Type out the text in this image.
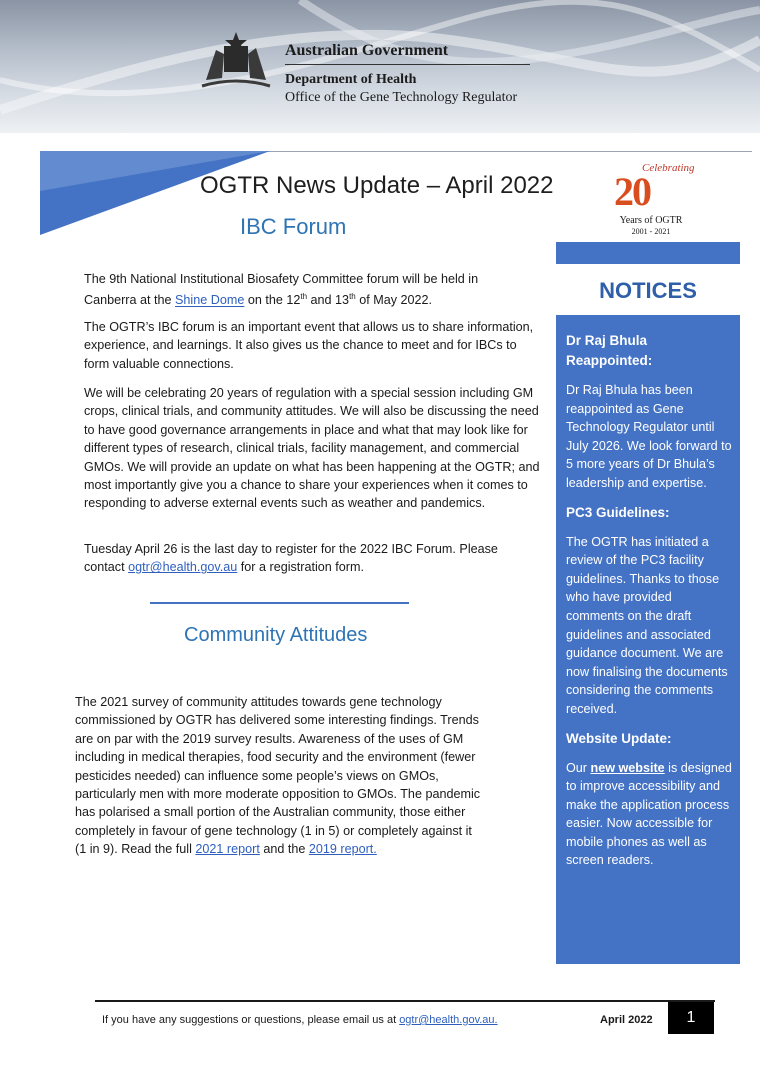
Australian Government
Department of Health
Office of the Gene Technology Regulator
OGTR News Update – April 2022
IBC Forum
Celebrating
20
Years of OGTR
2001 - 2021
The 9th National Institutional Biosafety Committee forum will be held in Canberra at the Shine Dome on the 12th and 13th of May 2022.
The OGTR’s IBC forum is an important event that allows us to share information, experience, and learnings. It also gives us the chance to meet and for IBCs to form valuable connections.
We will be celebrating 20 years of regulation with a special session including GM crops, clinical trials, and community attitudes. We will also be discussing the need to have good governance arrangements in place and what that may look like for different types of research, clinical trials, facility management, and commercial GMOs. We will provide an update on what has been happening at the OGTR; and most importantly give you a chance to share your experiences when it comes to responding to adverse external events such as weather and pandemics.
Tuesday April 26 is the last day to register for the 2022 IBC Forum. Please contact ogtr@health.gov.au for a registration form.
Community Attitudes
The 2021 survey of community attitudes towards gene technology commissioned by OGTR has delivered some interesting findings. Trends are on par with the 2019 survey results. Awareness of the uses of GM including in medical therapies, food security and the environment (fewer pesticides needed) can influence some people’s views on GMOs, particularly men with more moderate opposition to GMOs. The pandemic has polarised a small portion of the Australian community, those either completely in favour of gene technology (1 in 5) or completely against it (1 in 9). Read the full 2021 report and the 2019 report.
NOTICES
Dr Raj Bhula Reappointed:
Dr Raj Bhula has been reappointed as Gene Technology Regulator until July 2026. We look forward to 5 more years of Dr Bhula’s leadership and expertise.
PC3 Guidelines:
The OGTR has initiated a review of the PC3 facility guidelines. Thanks to those who have provided comments on the draft guidelines and associated guidance document. We are now finalising the documents considering the comments received.
Website Update:
Our new website is designed to improve accessibility and make the application process easier. Now accessible for mobile phones as well as screen readers.
If you have any suggestions or questions, please email us at ogtr@health.gov.au.	April 2022	1
